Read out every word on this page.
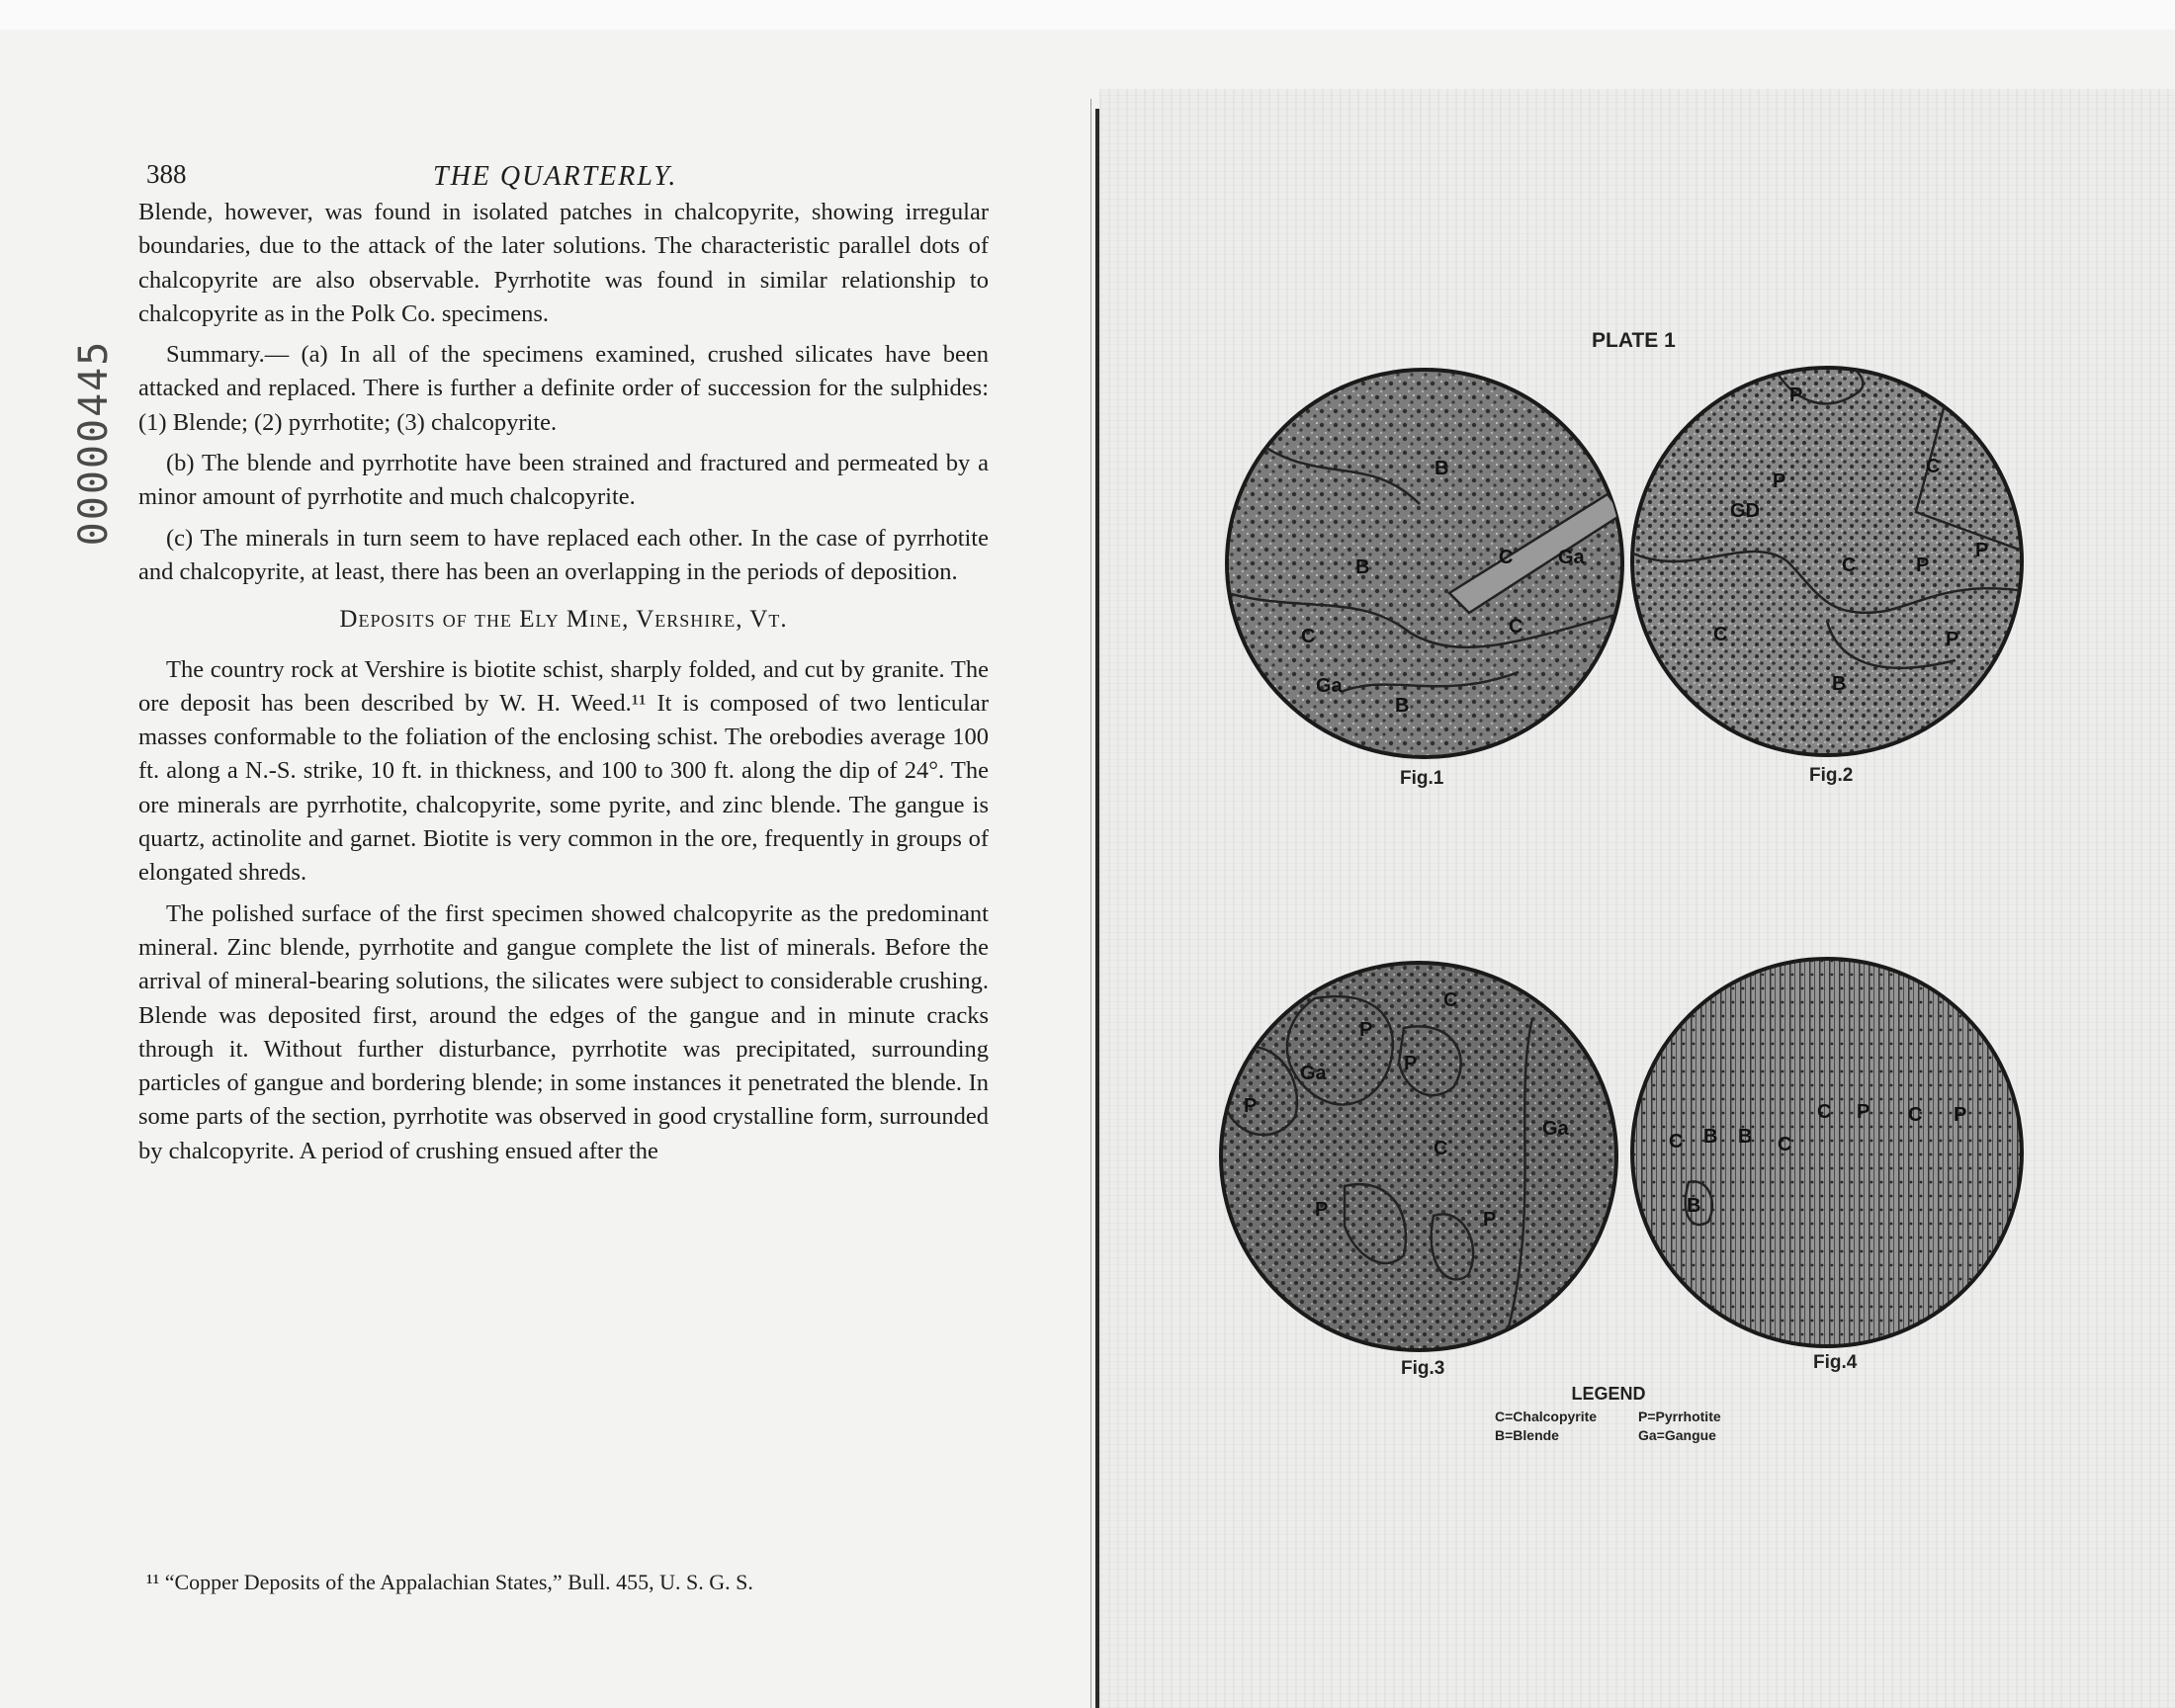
00000445
388	THE QUARTERLY.

Blende, however, was found in isolated patches in chalcopyrite, showing irregular boundaries, due to the attack of the later solutions. The characteristic parallel dots of chalcopyrite are also observable. Pyrrhotite was found in similar relationship to chalcopyrite as in the Polk Co. specimens.

Summary.— (a) In all of the specimens examined, crushed silicates have been attacked and replaced. There is further a definite order of succession for the sulphides: (1) Blende; (2) pyrrhotite; (3) chalcopyrite.

(b) The blende and pyrrhotite have been strained and fractured and permeated by a minor amount of pyrrhotite and much chalcopyrite.

(c) The minerals in turn seem to have replaced each other. In the case of pyrrhotite and chalcopyrite, at least, there has been an overlapping in the periods of deposition.

Deposits of the Ely Mine, Vershire, Vt.

The country rock at Vershire is biotite schist, sharply folded, and cut by granite. The ore deposit has been described by W. H. Weed.¹¹ It is composed of two lenticular masses conformable to the foliation of the enclosing schist. The orebodies average 100 ft. along a N.-S. strike, 10 ft. in thickness, and 100 to 300 ft. along the dip of 24°. The ore minerals are pyrrhotite, chalcopyrite, some pyrite, and zinc blende. The gangue is quartz, actinolite and garnet. Biotite is very common in the ore, frequently in groups of elongated shreds.

The polished surface of the first specimen showed chalcopyrite as the predominant mineral. Zinc blende, pyrrhotite and gangue complete the list of minerals. Before the arrival of mineral-bearing solutions, the silicates were subject to considerable crushing. Blende was deposited first, around the edges of the gangue and in minute cracks through it. Without further disturbance, pyrrhotite was precipitated, surrounding particles of gangue and bordering blende; in some instances it penetrated the blende. In some parts of the section, pyrrhotite was observed in good crystalline form, surrounded by chalcopyrite. A period of crushing ensued after the

¹¹ “Copper Deposits of the Appalachian States,” Bull. 455, U. S. G. S.
PLATE 1
B
B
C
C
C
Ga
Ga
B
Fig.1
P
P
C
GD
C	P
P
P
C
B
Fig.2
C
P
P
Ga
P
C
Ga
P	P
Fig.3
C B B C
C P C P
B
Fig.4
LEGEND
C=Chalcopyrite	P=Pyrrhotite
B=Blende	Ga=Gangue
